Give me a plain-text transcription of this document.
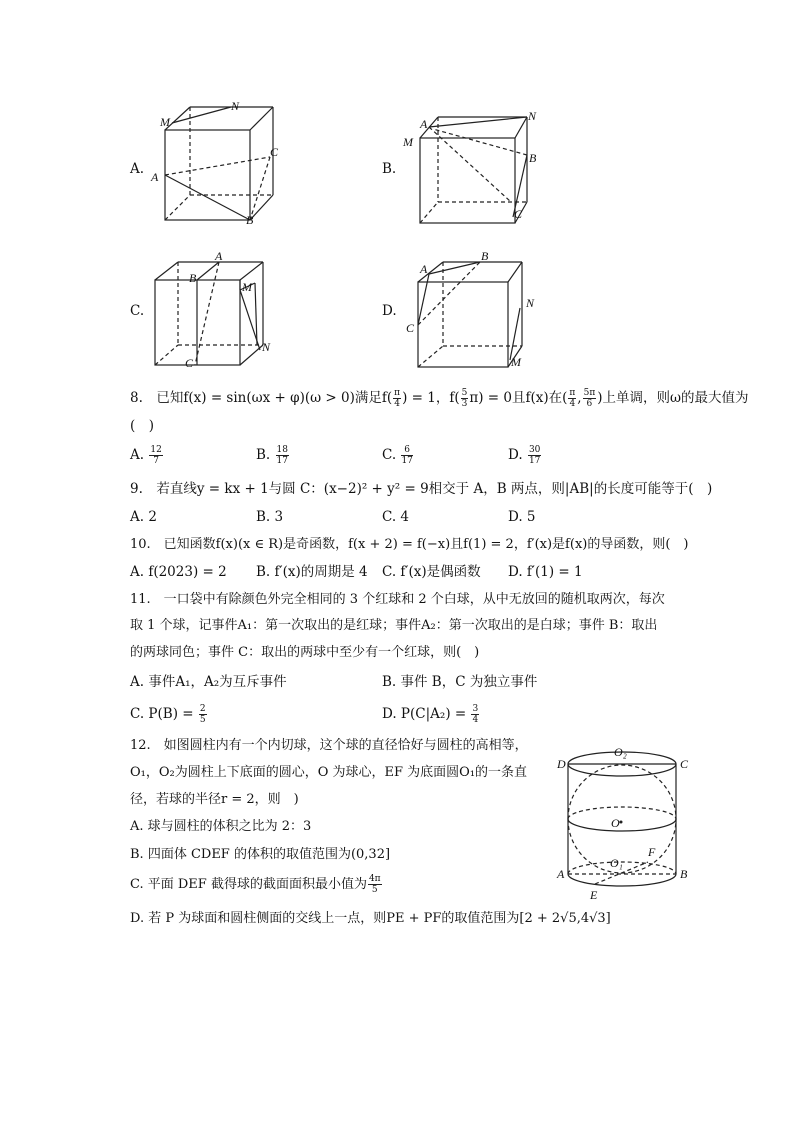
A.
M
N
A
C
B
B.
A
N
M
B
C
C.
A
B
M
N
C
D.
A
B
N
C
M
8.　已知f(x) = sin(ωx + φ)(ω > 0)满足$f( \frac{\pi}{4}$ ) = 1，$f( \frac{5}{3} \pi) = 0$且f(x)在( $\frac{\pi}{4}$ , $\frac{5\pi}{6}$ )上单调，则ω的最大值为
(　)
A. $\frac{12}{7}$	B. $\frac{18}{17}$	C. $\frac{6}{17}$	D. $\frac{30}{17}$
9.　若直线y = kx + 1与圆 C：(x−2)² + y² = 9相交于 A，B 两点，则|AB|的长度可能等于(　)
A. 2	B. 3	C. 4	D. 5
10.　已知函数f(x)(x ∈ R)是奇函数，f(x + 2) = f(−x)且f(1) = 2，f′(x)是f(x)的导函数，则(　)
A. f(2023) = 2 B. f′(x)的周期是 4 C. f′(x)是偶函数 D. f′(1) = 1
11.　一口袋中有除颜色外完全相同的 3 个红球和 2 个白球，从中无放回的随机取两次，每次
取 1 个球，记事件A₁：第一次取出的是红球；事件A₂：第一次取出的是白球；事件 B：取出
的两球同色；事件 C：取出的两球中至少有一个红球，则(　)
A. 事件A₁，A₂为互斥事件	B. 事件 B，C 为独立事件
C. $P(B) = \frac{2}{5}$	D. $P(C|A_2) = \frac{3}{4}$
12.　如图圆柱内有一个内切球，这个球的直径恰好与圆柱的高相等，
O₁，O₂为圆柱上下底面的圆心，O 为球心，EF 为底面圆O₁的一条直
径，若球的半径r = 2，则　)
A. 球与圆柱的体积之比为 2：3
B. 四面体 CDEF 的体积的取值范围为(0,32]
C. 平面 DEF 截得球的截面面积最小值为 $\frac{4\pi}{5}$
D. 若 P 为球面和圆柱侧面的交线上一点，则PE + PF的取值范围为[2 + 2√5,4√3]
O₂
D	C
O
F
O₁
A	B
E
